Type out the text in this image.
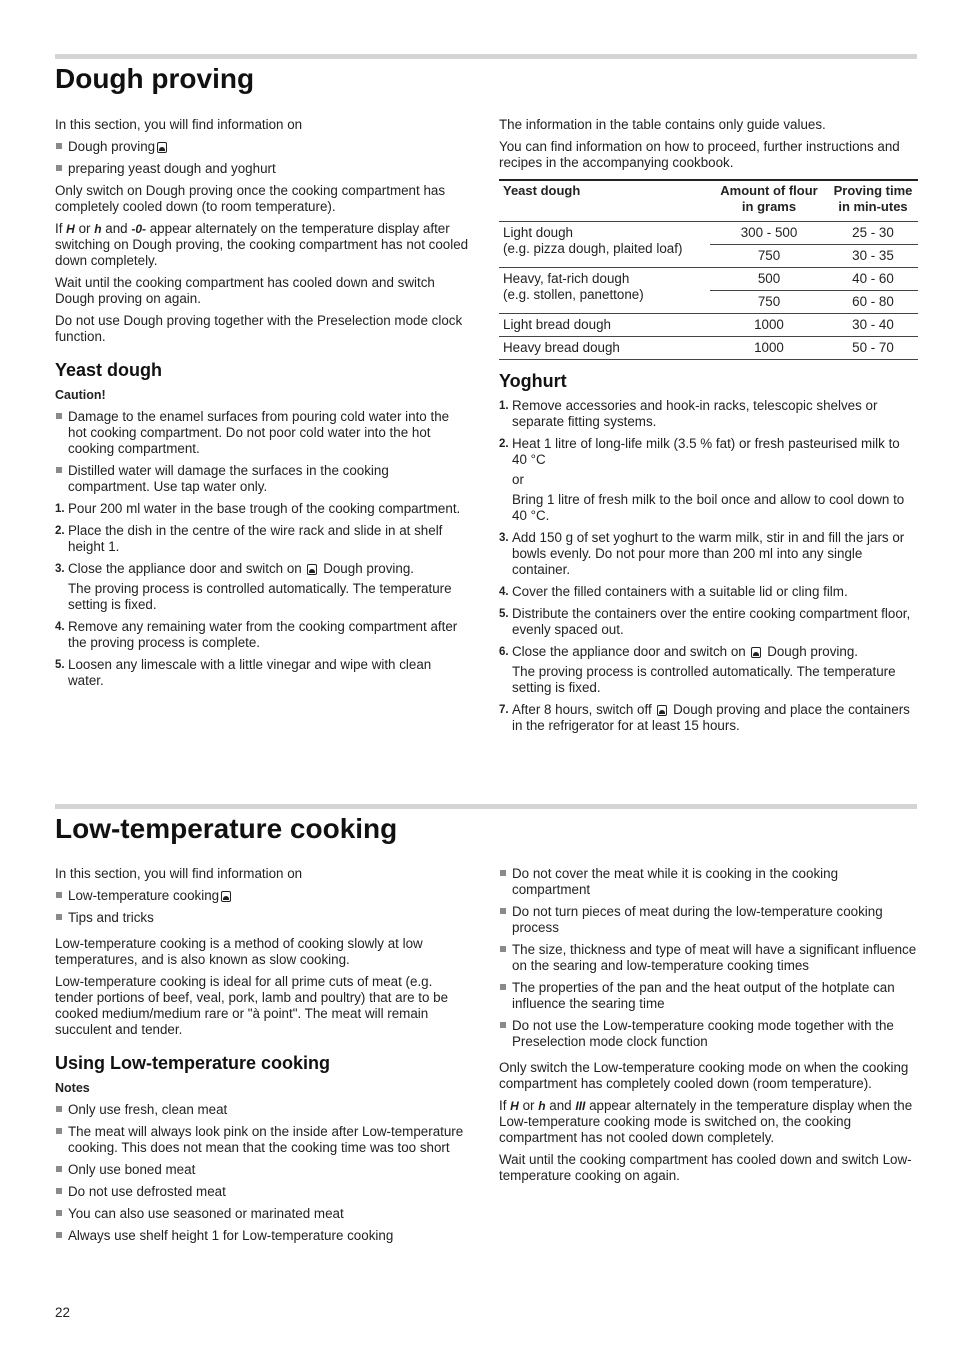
Dough proving

In this section, you will find information on

Dough proving
preparing yeast dough and yoghurt

Only switch on Dough proving once the cooking compartment has completely cooled down (to room temperature).

If H or h and -0- appear alternately on the temperature display after switching on Dough proving, the cooking compartment has not cooled down completely.

Wait until the cooking compartment has cooled down and switch Dough proving on again.

Do not use Dough proving together with the Preselection mode clock function.

Yeast dough
Caution!
Damage to the enamel surfaces from pouring cold water into the hot cooking compartment. Do not poor cold water into the hot cooking compartment.
Distilled water will damage the surfaces in the cooking compartment. Use tap water only.
1. Pour 200 ml water in the base trough of the cooking compartment.

2. Place the dish in the centre of the wire rack and slide in at shelf height 1.

3. Close the appliance door and switch on  Dough proving.

The proving process is controlled automatically. The temperature setting is fixed.

4. Remove any remaining water from the cooking compartment after the proving process is complete.

5. Loosen any limescale with a little vinegar and wipe with clean water.

The information in the table contains only guide values.

You can find information on how to proceed, further instructions and recipes in the accompanying cookbook.

Yeast dough	Amount of flour in grams	Proving time in min-utes
Light dough
(e.g. pizza dough, plaited loaf)	300 - 500	25 - 30
	750	30 - 35
Heavy, fat-rich dough
(e.g. stollen, panettone)	500	40 - 60
	750	60 - 80
Light bread dough	1000	30 - 40
Heavy bread dough	1000	50 - 70
Yoghurt
1. Remove accessories and hook-in racks, telescopic shelves or separate fitting systems.

2. Heat 1 litre of long-life milk (3.5 % fat) or fresh pasteurised milk to 40 °C

or

Bring 1 litre of fresh milk to the boil once and allow to cool down to 40 °C.

3. Add 150 g of set yoghurt to the warm milk, stir in and fill the jars or bowls evenly. Do not pour more than 200 ml into any single container.

4. Cover the filled containers with a suitable lid or cling film.

5. Distribute the containers over the entire cooking compartment floor, evenly spaced out.

6. Close the appliance door and switch on  Dough proving.

The proving process is controlled automatically. The temperature setting is fixed.

7. After 8 hours, switch off  Dough proving and place the containers in the refrigerator for at least 15 hours.

Low-temperature cooking

In this section, you will find information on

Low-temperature cooking
Tips and tricks

Low-temperature cooking is a method of cooking slowly at low temperatures, and is also known as slow cooking.

Low-temperature cooking is ideal for all prime cuts of meat (e.g. tender portions of beef, veal, pork, lamb and poultry) that are to be cooked medium/medium rare or "à point". The meat will remain succulent and tender.

Using Low-temperature cooking
Notes
Only use fresh, clean meat
The meat will always look pink on the inside after Low-temperature cooking. This does not mean that the cooking time was too short
Only use boned meat
Do not use defrosted meat
You can also use seasoned or marinated meat
Always use shelf height 1 for Low-temperature cooking
Do not cover the meat while it is cooking in the cooking compartment
Do not turn pieces of meat during the low-temperature cooking process
The size, thickness and type of meat will have a significant influence on the searing and low-temperature cooking times
The properties of the pan and the heat output of the hotplate can influence the searing time
Do not use the Low-temperature cooking mode together with the Preselection mode clock function

Only switch the Low-temperature cooking mode on when the cooking compartment has completely cooled down (room temperature).

If H or h and III appear alternately in the temperature display when the Low-temperature cooking mode is switched on, the cooking compartment has not cooled down completely.

Wait until the cooking compartment has cooled down and switch Low-temperature cooking on again.

22
